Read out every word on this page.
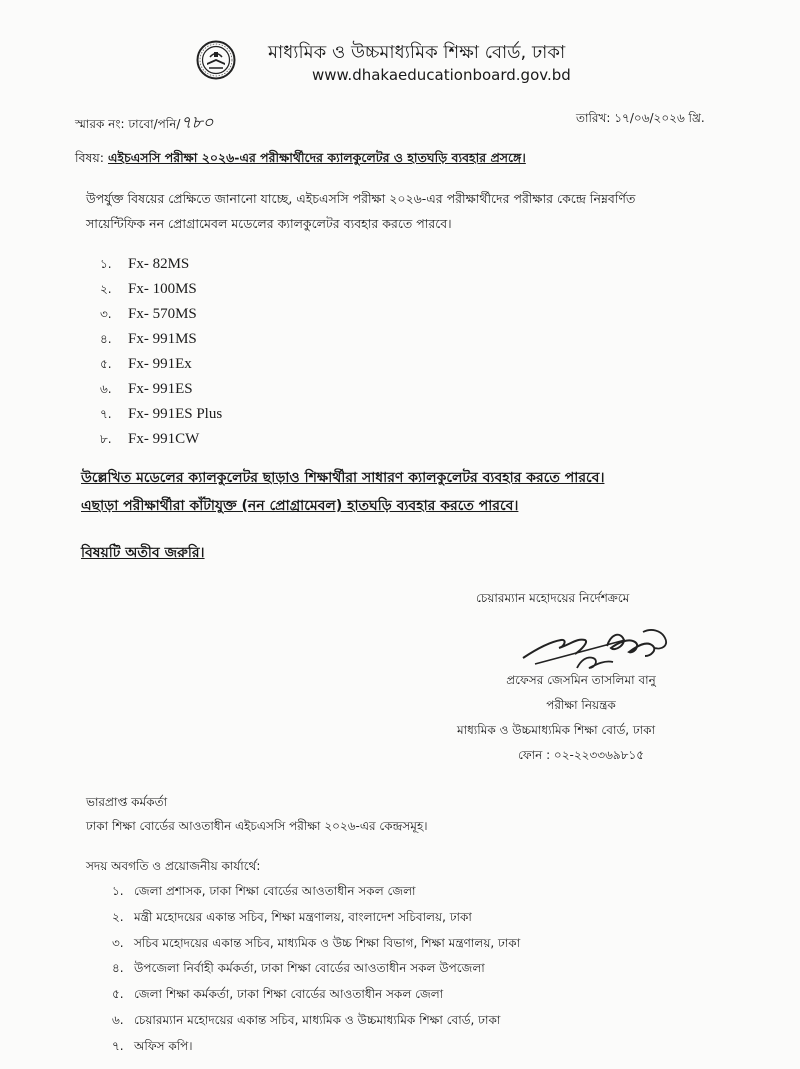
মাধ্যমিক ও উচ্চমাধ্যমিক শিক্ষা বোর্ড, ঢাকা
www.dhakaeducationboard.gov.bd
স্মারক নং: ঢাবো/পনি/৭৮০	তারিখ: ১৭/০৬/২০২৬ খ্রি.
বিষয়: এইচএসসি পরীক্ষা ২০২৬-এর পরীক্ষার্থীদের ক্যালকুলেটর ও হাতঘড়ি ব্যবহার প্রসঙ্গে।
উপর্যুক্ত বিষয়ের প্রেক্ষিতে জানানো যাচ্ছে, এইচএসসি পরীক্ষা ২০২৬-এর পরীক্ষার্থীদের পরীক্ষার কেন্দ্রে নিম্নবর্ণিত
সায়েন্টিফিক নন প্রোগ্রামেবল মডেলের ক্যালকুলেটর ব্যবহার করতে পারবে।
১. Fx- 82MS
২. Fx- 100MS
৩. Fx- 570MS
৪. Fx- 991MS
৫. Fx- 991Ex
৬. Fx- 991ES
৭. Fx- 991ES Plus
৮. Fx- 991CW
উল্লেখিত মডেলের ক্যালকুলেটর ছাড়াও শিক্ষার্থীরা সাধারণ ক্যালকুলেটর ব্যবহার করতে পারবে।
এছাড়া পরীক্ষার্থীরা কাঁটাযুক্ত (নন প্রোগ্রামেবল) হাতঘড়ি ব্যবহার করতে পারবে।
বিষয়টি অতীব জরুরি।
চেয়ারম্যান মহোদয়ের নির্দেশক্রমে
প্রফেসর জেসমিন তাসলিমা বানু
পরীক্ষা নিয়ন্ত্রক
মাধ্যমিক ও উচ্চমাধ্যমিক শিক্ষা বোর্ড, ঢাকা
ফোন : ০২-২২৩৩৬৯৮১৫
ভারপ্রাপ্ত কর্মকর্তা
ঢাকা শিক্ষা বোর্ডের আওতাধীন এইচএসসি পরীক্ষা ২০২৬-এর কেন্দ্রসমূহ।
সদয় অবগতি ও প্রয়োজনীয় কার্যার্থে:
১. জেলা প্রশাসক, ঢাকা শিক্ষা বোর্ডের আওতাধীন সকল জেলা
২. মন্ত্রী মহোদয়ের একান্ত সচিব, শিক্ষা মন্ত্রণালয়, বাংলাদেশ সচিবালয়, ঢাকা
৩. সচিব মহোদয়ের একান্ত সচিব, মাধ্যমিক ও উচ্চ শিক্ষা বিভাগ, শিক্ষা মন্ত্রণালয়, ঢাকা
৪. উপজেলা নির্বাহী কর্মকর্তা, ঢাকা শিক্ষা বোর্ডের আওতাধীন সকল উপজেলা
৫. জেলা শিক্ষা কর্মকর্তা, ঢাকা শিক্ষা বোর্ডের আওতাধীন সকল জেলা
৬. চেয়ারম্যান মহোদয়ের একান্ত সচিব, মাধ্যমিক ও উচ্চমাধ্যমিক শিক্ষা বোর্ড, ঢাকা
৭. অফিস কপি।
